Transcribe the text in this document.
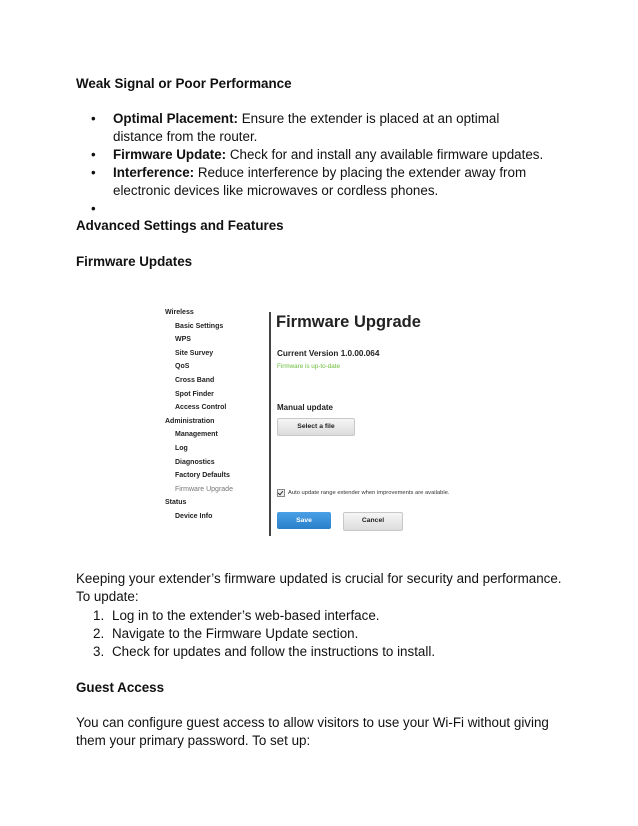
Weak Signal or Poor Performance
• Optimal Placement: Ensure the extender is placed at an optimal distance from the router.
• Firmware Update: Check for and install any available firmware updates.
• Interference: Reduce interference by placing the extender away from electronic devices like microwaves or cordless phones.
•
Advanced Settings and Features
Firmware Updates
Keeping your extender’s firmware updated is crucial for security and performance. To update:
1. Log in to the extender’s web-based interface.
2. Navigate to the Firmware Update section.
3. Check for updates and follow the instructions to install.
Guest Access
You can configure guest access to allow visitors to use your Wi-Fi without giving them your primary password. To set up:
Wireless
Basic Settings
WPS
Site Survey
QoS
Cross Band
Spot Finder
Access Control
Administration
Management
Log
Diagnostics
Factory Defaults
Firmware Upgrade
Status
Device Info
Firmware Upgrade
Current Version 1.0.00.064
Firmware is up-to-date
Manual update
Select a file
Auto update range extender when improvements are available.
Save	Cancel
